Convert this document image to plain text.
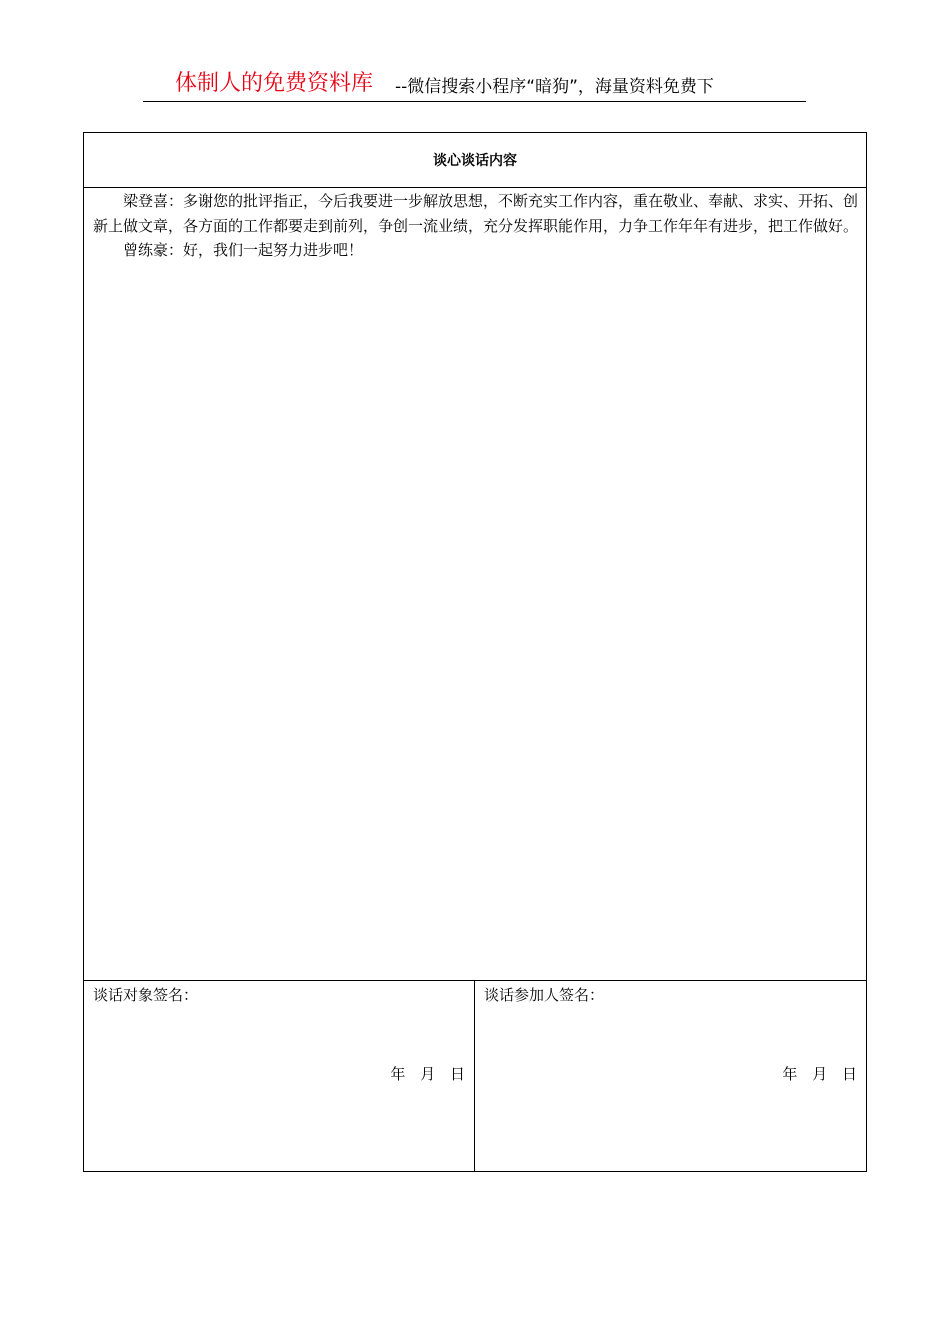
体制人的免费资料库 --微信搜索小程序“暗狗”，海量资料免费下
谈心谈话内容

梁登喜：多谢您的批评指正，今后我要进一步解放思想，不断充实工作内容，重在敬业、奉献、求实、开拓、创新上做文章，各方面的工作都要走到前列，争创一流业绩，充分发挥职能作用，力争工作年年有进步，把工作做好。

曾练豪：好，我们一起努力进步吧！

谈话对象签名：
年 月 日
谈话参加人签名：
年 月 日
